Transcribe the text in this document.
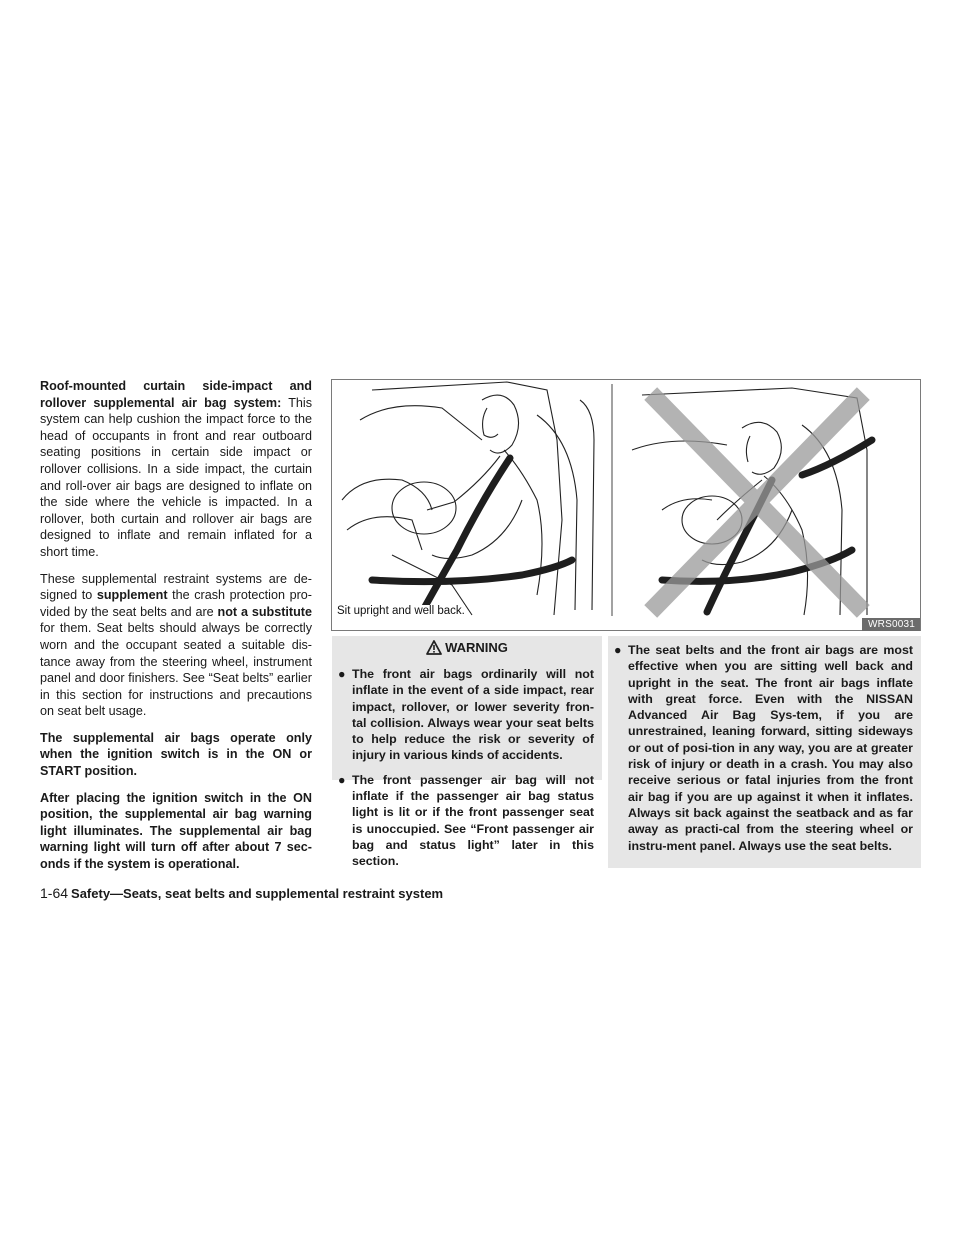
Roof-mounted curtain side-impact and rollover supplemental air bag system: This system can help cushion the impact force to the head of occupants in front and rear outboard seating positions in certain side impact or rollover collisions. In a side impact, the curtain and roll-over air bags are designed to inflate on the side where the vehicle is impacted. In a rollover, both curtain and rollover air bags are designed to inflate and remain inflated for a short time.

These supplemental restraint systems are de-signed to supplement the crash protection pro-vided by the seat belts and are not a substitute for them. Seat belts should always be correctly worn and the occupant seated a suitable dis-tance away from the steering wheel, instrument panel and door finishers. See “Seat belts” earlier in this section for instructions and precautions on seat belt usage.

The supplemental air bags operate only when the ignition switch is in the ON or START position.

After placing the ignition switch in the ON position, the supplemental air bag warning light illuminates. The supplemental air bag warning light will turn off after about 7 sec-onds if the system is operational.

Sit upright and well back.
WRS0031
WARNING
● The front air bags ordinarily will not inflate in the event of a side impact, rear impact, rollover, or lower severity fron-tal collision. Always wear your seat belts to help reduce the risk or severity of injury in various kinds of accidents.
● The front passenger air bag will not inflate if the passenger air bag status light is lit or if the front passenger seat is unoccupied. See “Front passenger air bag and status light” later in this section.
● The seat belts and the front air bags are most effective when you are sitting well back and upright in the seat. The front air bags inflate with great force. Even with the NISSAN Advanced Air Bag Sys-tem, if you are unrestrained, leaning forward, sitting sideways or out of posi-tion in any way, you are at greater risk of injury or death in a crash. You may also receive serious or fatal injuries from the front air bag if you are up against it when it inflates. Always sit back against the seatback and as far away as practi-cal from the steering wheel or instru-ment panel. Always use the seat belts.
1-64 Safety—Seats, seat belts and supplemental restraint system
